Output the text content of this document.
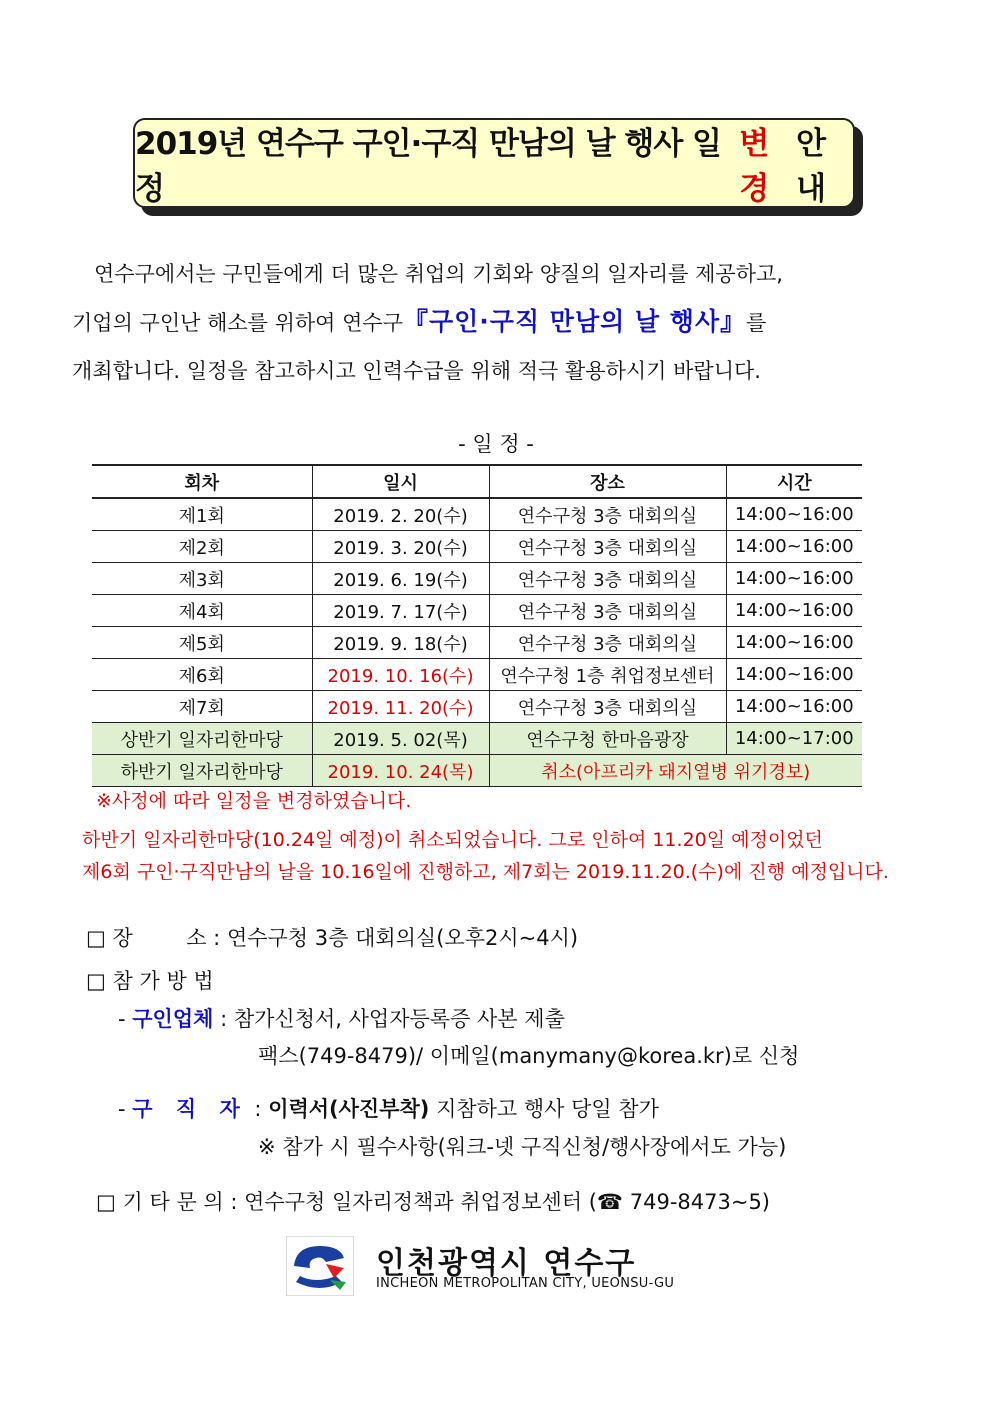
2019년 연수구 구인·구직 만남의 날 행사 일정
변경
안내

연수구에서는 구민들에게 더 많은 취업의 기회와 양질의 일자리를 제공하고,

기업의 구인난 해소를 위하여 연수구『구인·구직 만남의 날 행사』를

개최합니다. 일정을 참고하시고 인력수급을 위해 적극 활용하시기 바랍니다.

- 일 정 -
회차	일시	장소	시간
제1회	2019. 2. 20(수)	연수구청 3층 대회의실	14:00~16:00
제2회	2019. 3. 20(수)	연수구청 3층 대회의실	14:00~16:00
제3회	2019. 6. 19(수)	연수구청 3층 대회의실	14:00~16:00
제4회	2019. 7. 17(수)	연수구청 3층 대회의실	14:00~16:00
제5회	2019. 9. 18(수)	연수구청 3층 대회의실	14:00~16:00
제6회	2019. 10. 16(수)	연수구청 1층 취업정보센터	14:00~16:00
제7회	2019. 11. 20(수)	연수구청 3층 대회의실	14:00~16:00
상반기 일자리한마당	2019. 5. 02(목)	연수구청 한마음광장	14:00~17:00
하반기 일자리한마당	2019. 10. 24(목)	취소(아프리카 돼지열병 위기경보)	
※사정에 따라 일정을 변경하였습니다.

하반기 일자리한마당(10.24일 예정)이 취소되었습니다. 그로 인하여 11.20일 예정이었던

제6회 구인·구직만남의 날을 10.16일에 진행하고, 제7회는 2019.11.20.(수)에 진행 예정입니다.

□ 장        소 : 연수구청 3층 대회의실(오후2시~4시)
□ 참 가 방 법
- 구인업체 : 참가신청서, 사업자등록증 사본 제출
팩스(749-8479)/ 이메일(manymany@korea.kr)로 신청
- 구 직 자 : 이력서(사진부착) 지참하고 행사 당일 참가
※ 참가 시 필수사항(워크-넷 구직신청/행사장에서도 가능)
□ 기 타 문 의 : 연수구청 일자리정책과 취업정보센터 (☎ 749-8473~5)
인천광역시 연수구
INCHEON METROPOLITAN CITY, UEONSU-GU
